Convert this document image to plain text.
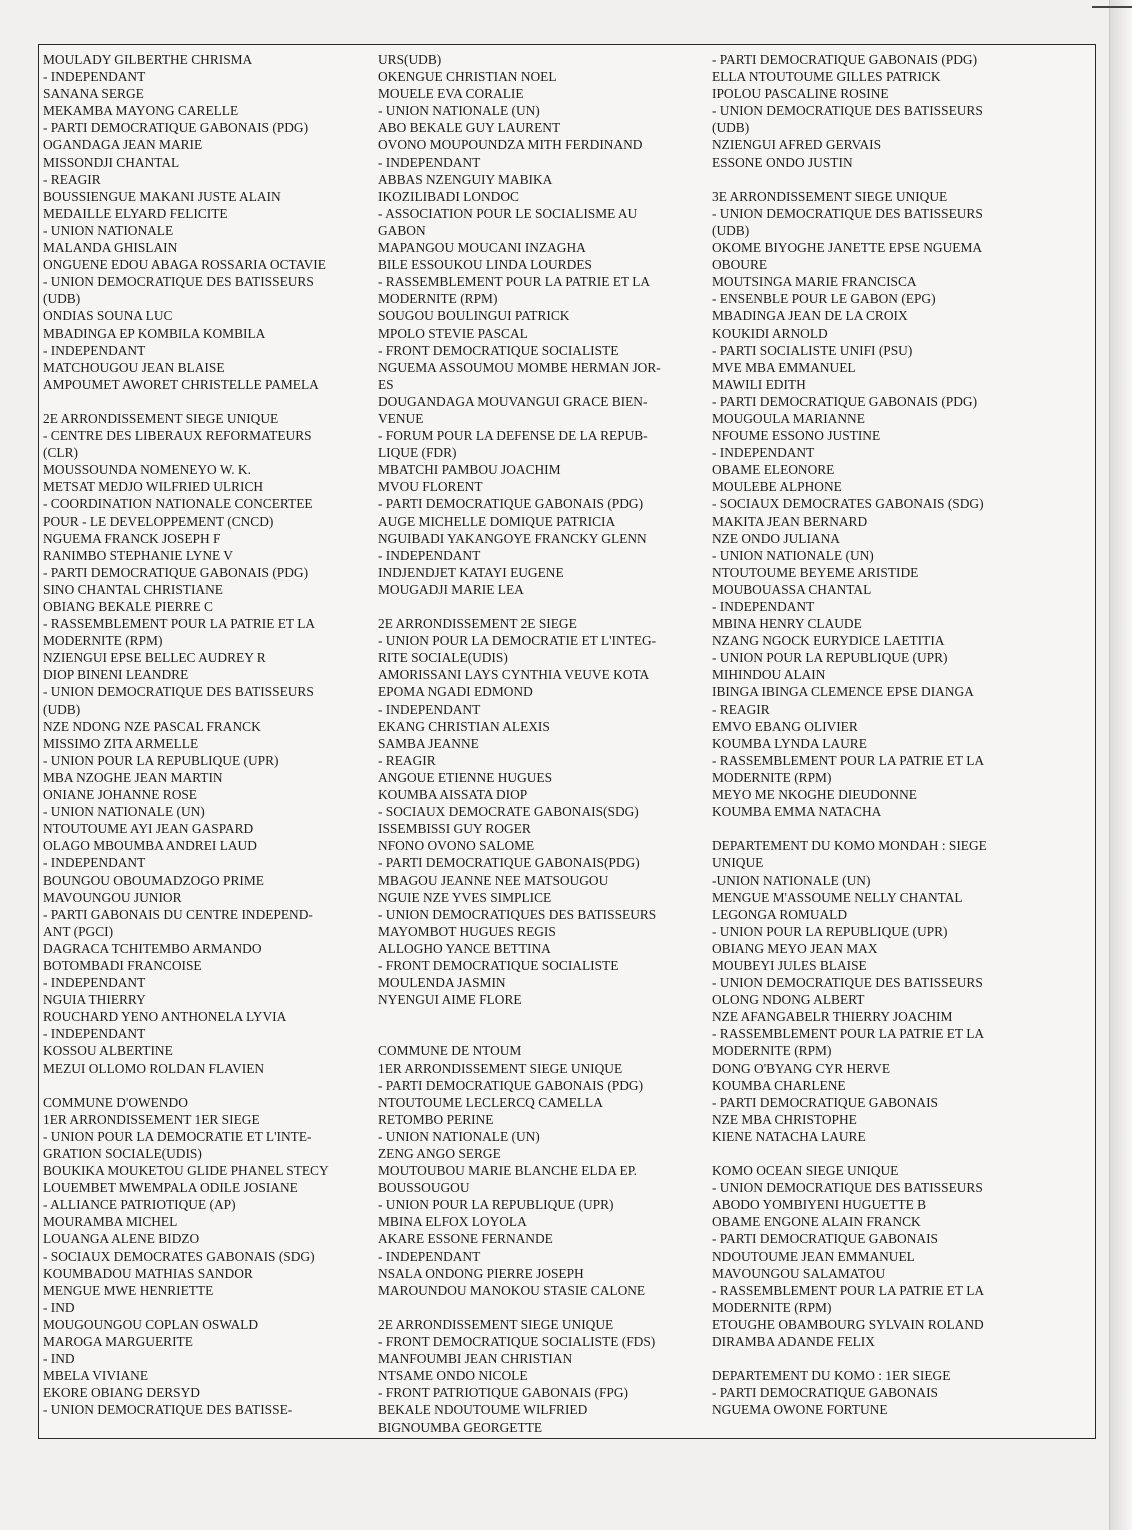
MOULADY GILBERTHE CHRISMA
- INDEPENDANT
SANANA SERGE
MEKAMBA MAYONG CARELLE
- PARTI DEMOCRATIQUE GABONAIS (PDG)
OGANDAGA JEAN MARIE
MISSONDJI CHANTAL
- REAGIR
BOUSSIENGUE MAKANI JUSTE ALAIN
MEDAILLE ELYARD FELICITE
- UNION NATIONALE
MALANDA GHISLAIN
ONGUENE EDOU ABAGA ROSSARIA OCTAVIE
- UNION DEMOCRATIQUE DES BATISSEURS
(UDB)
ONDIAS SOUNA LUC
MBADINGA EP KOMBILA KOMBILA
- INDEPENDANT
MATCHOUGOU JEAN BLAISE
AMPOUMET AWORET CHRISTELLE PAMELA
2E ARRONDISSEMENT SIEGE UNIQUE
- CENTRE DES LIBERAUX REFORMATEURS
(CLR)
MOUSSOUNDA NOMENEYO W. K.
METSAT MEDJO WILFRIED ULRICH
- COORDINATION NATIONALE CONCERTEE
POUR - LE DEVELOPPEMENT (CNCD)
NGUEMA FRANCK JOSEPH F
RANIMBO STEPHANIE LYNE V
- PARTI DEMOCRATIQUE GABONAIS (PDG)
SINO CHANTAL CHRISTIANE
OBIANG BEKALE PIERRE C
- RASSEMBLEMENT POUR LA PATRIE ET LA
MODERNITE (RPM)
NZIENGUI EPSE BELLEC AUDREY R
DIOP BINENI LEANDRE
- UNION DEMOCRATIQUE DES BATISSEURS
(UDB)
NZE NDONG NZE PASCAL FRANCK
MISSIMO ZITA ARMELLE
- UNION POUR LA REPUBLIQUE (UPR)
MBA NZOGHE JEAN MARTIN
ONIANE JOHANNE ROSE
- UNION NATIONALE (UN)
NTOUTOUME AYI JEAN GASPARD
OLAGO MBOUMBA ANDREI LAUD
- INDEPENDANT
BOUNGOU OBOUMADZOGO PRIME
MAVOUNGOU JUNIOR
- PARTI GABONAIS DU CENTRE INDEPEND-
ANT (PGCI)
DAGRACA TCHITEMBO ARMANDO
BOTOMBADI FRANCOISE
- INDEPENDANT
NGUIA THIERRY
ROUCHARD YENO ANTHONELA LYVIA
- INDEPENDANT
KOSSOU ALBERTINE
MEZUI OLLOMO ROLDAN FLAVIEN
COMMUNE D'OWENDO
1ER ARRONDISSEMENT 1ER SIEGE
- UNION POUR LA DEMOCRATIE ET L'INTE-
GRATION SOCIALE(UDIS)
BOUKIKA MOUKETOU GLIDE PHANEL STECY
LOUEMBET MWEMPALA ODILE JOSIANE
- ALLIANCE PATRIOTIQUE (AP)
MOURAMBA MICHEL
LOUANGA ALENE BIDZO
- SOCIAUX DEMOCRATES GABONAIS (SDG)
KOUMBADOU MATHIAS SANDOR
MENGUE MWE HENRIETTE
- IND
MOUGOUNGOU COPLAN OSWALD
MAROGA MARGUERITE
- IND
MBELA VIVIANE
EKORE OBIANG DERSYD
- UNION DEMOCRATIQUE DES BATISSE-
URS(UDB)
OKENGUE CHRISTIAN NOEL
MOUELE EVA CORALIE
- UNION NATIONALE (UN)
ABO BEKALE GUY LAURENT
OVONO MOUPOUNDZA MITH FERDINAND
- INDEPENDANT
ABBAS NZENGUIY MABIKA
IKOZILIBADI LONDOC
- ASSOCIATION POUR LE SOCIALISME AU
GABON
MAPANGOU MOUCANI INZAGHA
BILE ESSOUKOU LINDA LOURDES
- RASSEMBLEMENT POUR LA PATRIE ET LA
MODERNITE (RPM)
SOUGOU BOULINGUI PATRICK
MPOLO STEVIE PASCAL
- FRONT DEMOCRATIQUE SOCIALISTE
NGUEMA ASSOUMOU MOMBE HERMAN JOR-
ES
DOUGANDAGA MOUVANGUI GRACE BIEN-
VENUE
- FORUM POUR LA DEFENSE DE LA REPUB-
LIQUE (FDR)
MBATCHI PAMBOU JOACHIM
MVOU FLORENT
- PARTI DEMOCRATIQUE GABONAIS (PDG)
AUGE MICHELLE DOMIQUE PATRICIA
NGUIBADI YAKANGOYE FRANCKY GLENN
- INDEPENDANT
INDJENDJET KATAYI EUGENE
MOUGADJI MARIE LEA
2E ARRONDISSEMENT 2E SIEGE
- UNION POUR LA DEMOCRATIE ET L'INTEG-
RITE SOCIALE(UDIS)
AMORISSANI LAYS CYNTHIA VEUVE KOTA
EPOMA NGADI EDMOND
- INDEPENDANT
EKANG CHRISTIAN ALEXIS
SAMBA JEANNE
- REAGIR
ANGOUE ETIENNE HUGUES
KOUMBA AISSATA DIOP
- SOCIAUX DEMOCRATE GABONAIS(SDG)
ISSEMBISSI GUY ROGER
NFONO OVONO SALOME
- PARTI DEMOCRATIQUE GABONAIS(PDG)
MBAGOU JEANNE NEE MATSOUGOU
NGUIE NZE YVES SIMPLICE
- UNION DEMOCRATIQUES DES BATISSEURS
MAYOMBOT HUGUES REGIS
ALLOGHO YANCE BETTINA
- FRONT DEMOCRATIQUE SOCIALISTE
MOULENDA JASMIN
NYENGUI AIME FLORE
COMMUNE DE NTOUM
1ER ARRONDISSEMENT SIEGE UNIQUE
- PARTI DEMOCRATIQUE GABONAIS (PDG)
NTOUTOUME LECLERCQ CAMELLA
RETOMBO PERINE
- UNION NATIONALE (UN)
ZENG ANGO SERGE
MOUTOUBOU MARIE BLANCHE ELDA EP.
BOUSSOUGOU
- UNION POUR LA REPUBLIQUE (UPR)
MBINA ELFOX LOYOLA
AKARE ESSONE FERNANDE
- INDEPENDANT
NSALA ONDONG PIERRE JOSEPH
MAROUNDOU MANOKOU STASIE CALONE
2E ARRONDISSEMENT SIEGE UNIQUE
- FRONT DEMOCRATIQUE SOCIALISTE (FDS)
MANFOUMBI JEAN CHRISTIAN
NTSAME ONDO NICOLE
- FRONT PATRIOTIQUE GABONAIS (FPG)
BEKALE NDOUTOUME WILFRIED
BIGNOUMBA GEORGETTE
- PARTI DEMOCRATIQUE GABONAIS (PDG)
ELLA NTOUTOUME GILLES PATRICK
IPOLOU PASCALINE ROSINE
- UNION DEMOCRATIQUE DES BATISSEURS
(UDB)
NZIENGUI AFRED GERVAIS
ESSONE ONDO JUSTIN
3E ARRONDISSEMENT SIEGE UNIQUE
- UNION DEMOCRATIQUE DES BATISSEURS
(UDB)
OKOME BIYOGHE JANETTE EPSE NGUEMA
OBOURE
MOUTSINGA MARIE FRANCISCA
- ENSENBLE POUR LE GABON (EPG)
MBADINGA JEAN DE LA CROIX
KOUKIDI ARNOLD
- PARTI SOCIALISTE UNIFI (PSU)
MVE MBA EMMANUEL
MAWILI EDITH
- PARTI DEMOCRATIQUE GABONAIS (PDG)
MOUGOULA MARIANNE
NFOUME ESSONO JUSTINE
- INDEPENDANT
OBAME ELEONORE
MOULEBE ALPHONE
- SOCIAUX DEMOCRATES GABONAIS (SDG)
MAKITA JEAN BERNARD
NZE ONDO JULIANA
- UNION NATIONALE (UN)
NTOUTOUME BEYEME ARISTIDE
MOUBOUASSA CHANTAL
- INDEPENDANT
MBINA HENRY CLAUDE
NZANG NGOCK EURYDICE LAETITIA
- UNION POUR LA REPUBLIQUE (UPR)
MIHINDOU ALAIN
IBINGA IBINGA CLEMENCE EPSE DIANGA
- REAGIR
EMVO EBANG OLIVIER
KOUMBA LYNDA LAURE
- RASSEMBLEMENT POUR LA PATRIE ET LA
MODERNITE (RPM)
MEYO ME NKOGHE DIEUDONNE
KOUMBA EMMA NATACHA
DEPARTEMENT DU KOMO MONDAH : SIEGE
UNIQUE
-UNION NATIONALE (UN)
MENGUE M'ASSOUME NELLY CHANTAL
LEGONGA ROMUALD
- UNION POUR LA REPUBLIQUE (UPR)
OBIANG MEYO JEAN MAX
MOUBEYI JULES BLAISE
- UNION DEMOCRATIQUE DES BATISSEURS
OLONG NDONG ALBERT
NZE AFANGABELR THIERRY JOACHIM
- RASSEMBLEMENT POUR LA PATRIE ET LA
MODERNITE (RPM)
DONG O'BYANG CYR HERVE
KOUMBA CHARLENE
- PARTI DEMOCRATIQUE GABONAIS
NZE MBA CHRISTOPHE
KIENE NATACHA LAURE
KOMO OCEAN SIEGE UNIQUE
- UNION DEMOCRATIQUE DES BATISSEURS
ABODO YOMBIYENI HUGUETTE B
OBAME ENGONE ALAIN FRANCK
- PARTI DEMOCRATIQUE GABONAIS
NDOUTOUME JEAN EMMANUEL
MAVOUNGOU SALAMATOU
- RASSEMBLEMENT POUR LA PATRIE ET LA
MODERNITE (RPM)
ETOUGHE OBAMBOURG SYLVAIN ROLAND
DIRAMBA ADANDE FELIX
DEPARTEMENT DU KOMO : 1ER SIEGE
- PARTI DEMOCRATIQUE GABONAIS
NGUEMA OWONE FORTUNE
